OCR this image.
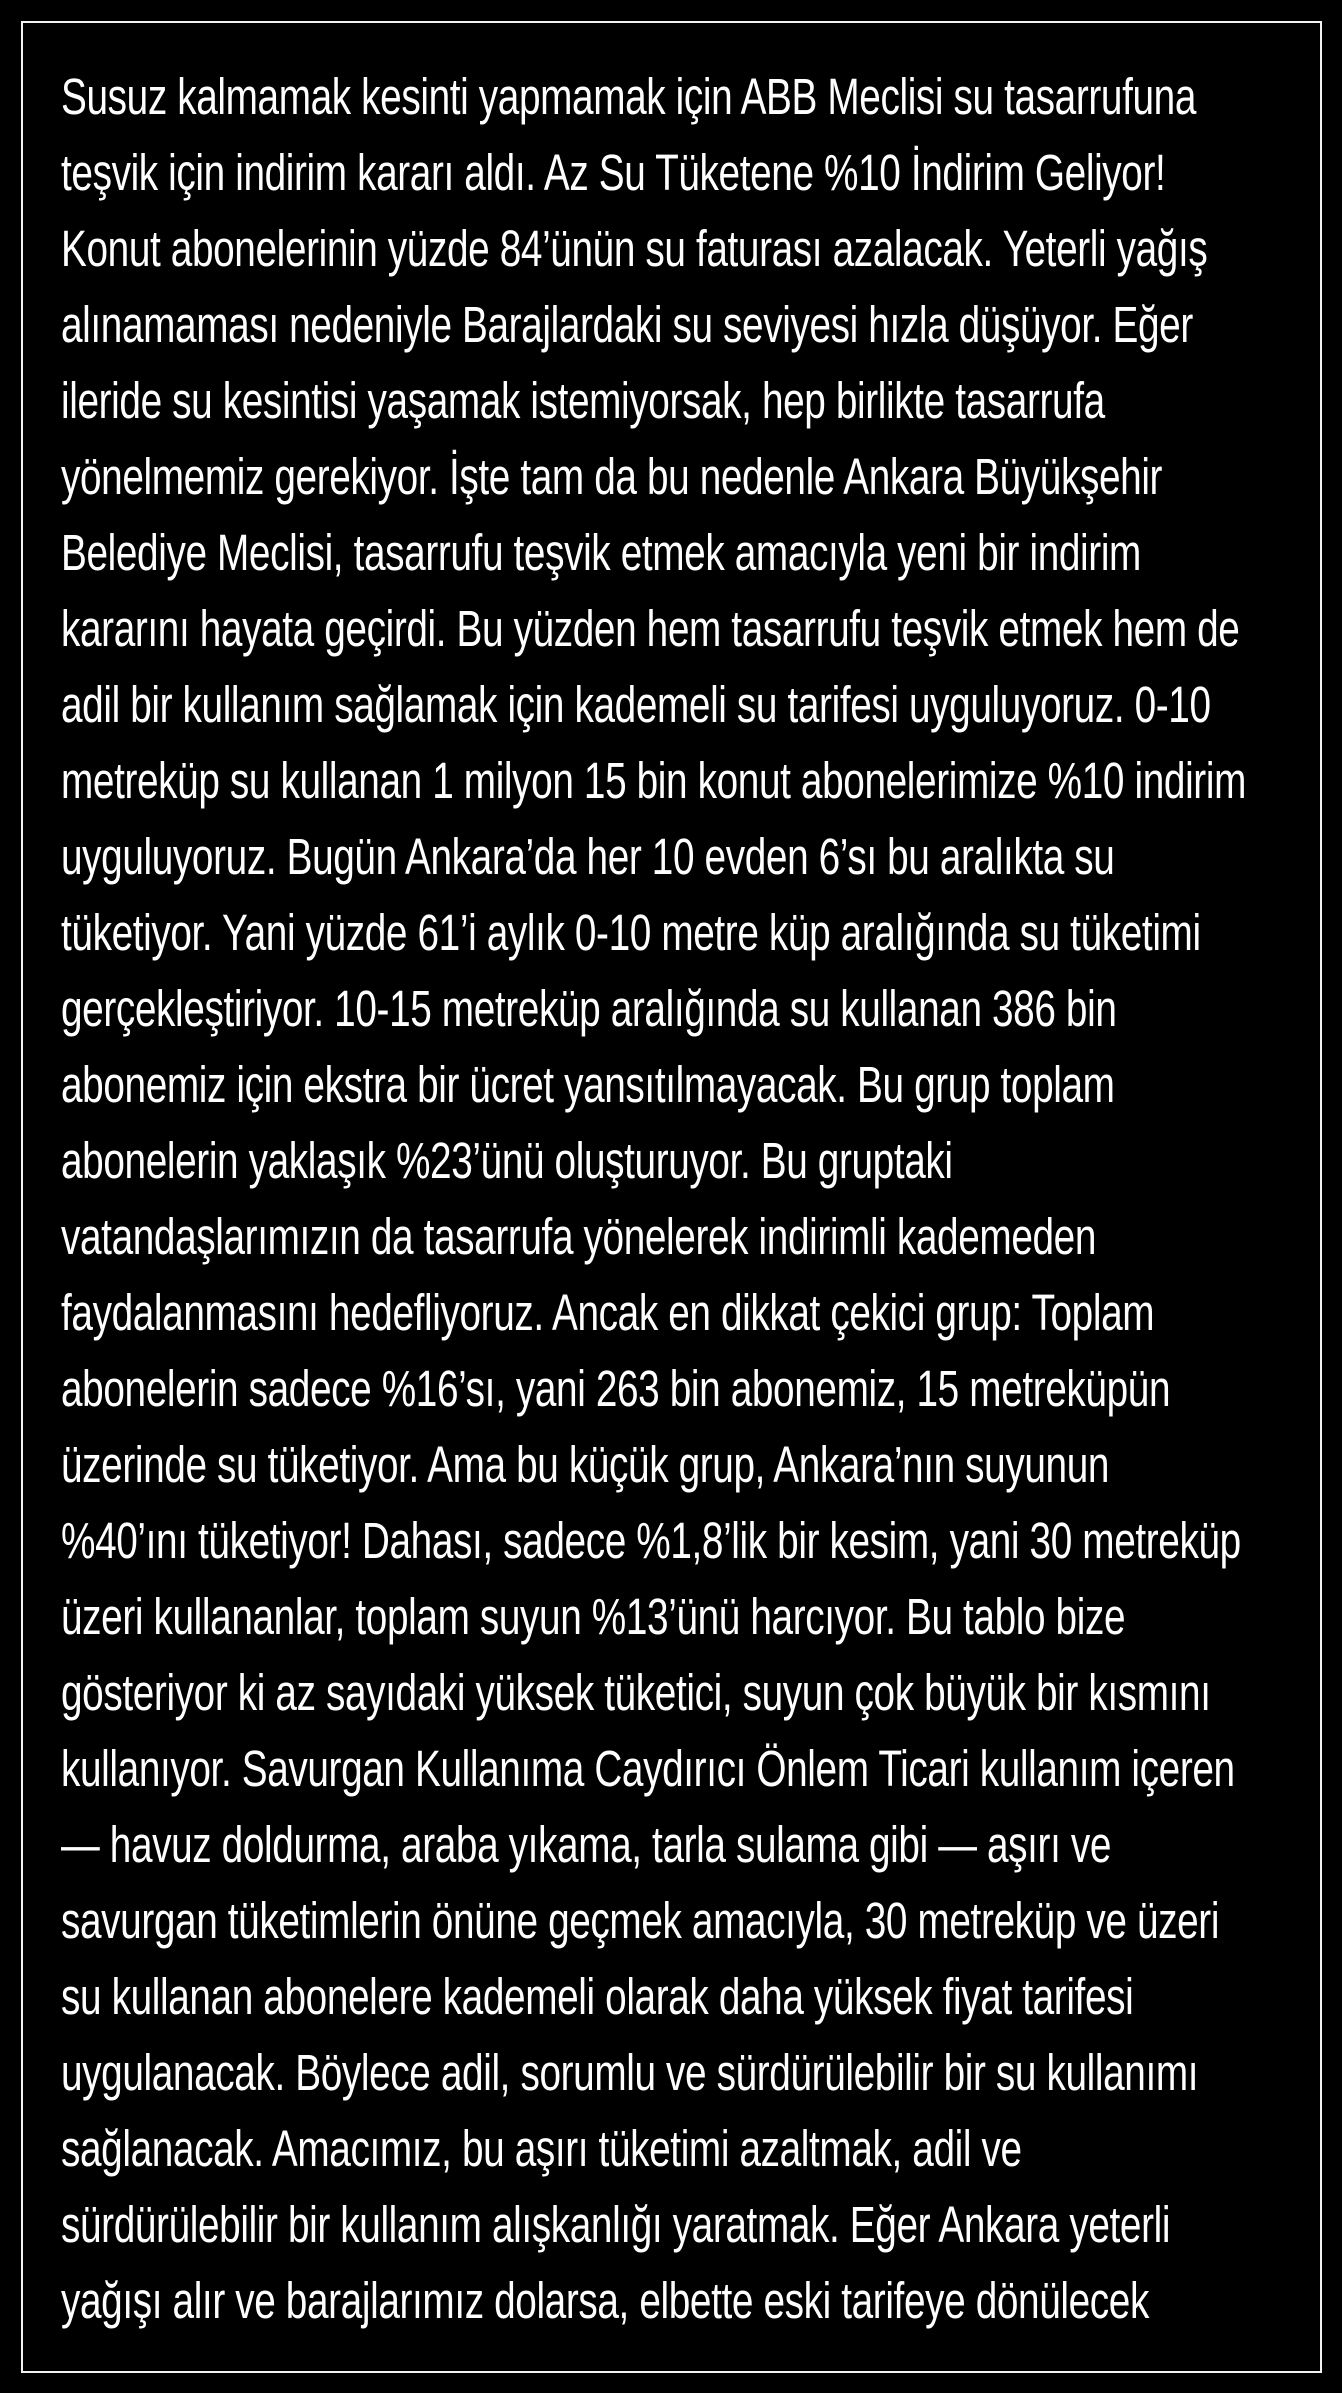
Susuz kalmamak kesinti yapmamak için ABB Meclisi su tasarrufuna
teşvik için indirim kararı aldı. Az Su Tüketene %10 İndirim Geliyor!
Konut abonelerinin yüzde 84’ünün su faturası azalacak. Yeterli yağış
alınamaması nedeniyle Barajlardaki su seviyesi hızla düşüyor. Eğer
ileride su kesintisi yaşamak istemiyorsak, hep birlikte tasarrufa
yönelmemiz gerekiyor. İşte tam da bu nedenle Ankara Büyükşehir
Belediye Meclisi, tasarrufu teşvik etmek amacıyla yeni bir indirim
kararını hayata geçirdi. Bu yüzden hem tasarrufu teşvik etmek hem de
adil bir kullanım sağlamak için kademeli su tarifesi uyguluyoruz. 0-10
metreküp su kullanan 1 milyon 15 bin konut abonelerimize %10 indirim
uyguluyoruz. Bugün Ankara’da her 10 evden 6’sı bu aralıkta su
tüketiyor. Yani yüzde 61’i aylık 0-10 metre küp aralığında su tüketimi
gerçekleştiriyor. 10-15 metreküp aralığında su kullanan 386 bin
abonemiz için ekstra bir ücret yansıtılmayacak. Bu grup toplam
abonelerin yaklaşık %23’ünü oluşturuyor. Bu gruptaki
vatandaşlarımızın da tasarrufa yönelerek indirimli kademeden
faydalanmasını hedefliyoruz. Ancak en dikkat çekici grup: Toplam
abonelerin sadece %16’sı, yani 263 bin abonemiz, 15 metreküpün
üzerinde su tüketiyor. Ama bu küçük grup, Ankara’nın suyunun
%40’ını tüketiyor! Dahası, sadece %1,8’lik bir kesim, yani 30 metreküp
üzeri kullananlar, toplam suyun %13’ünü harcıyor. Bu tablo bize
gösteriyor ki az sayıdaki yüksek tüketici, suyun çok büyük bir kısmını
kullanıyor. Savurgan Kullanıma Caydırıcı Önlem Ticari kullanım içeren
— havuz doldurma, araba yıkama, tarla sulama gibi — aşırı ve
savurgan tüketimlerin önüne geçmek amacıyla, 30 metreküp ve üzeri
su kullanan abonelere kademeli olarak daha yüksek fiyat tarifesi
uygulanacak. Böylece adil, sorumlu ve sürdürülebilir bir su kullanımı
sağlanacak. Amacımız, bu aşırı tüketimi azaltmak, adil ve
sürdürülebilir bir kullanım alışkanlığı yaratmak. Eğer Ankara yeterli
yağışı alır ve barajlarımız dolarsa, elbette eski tarifeye dönülecek
